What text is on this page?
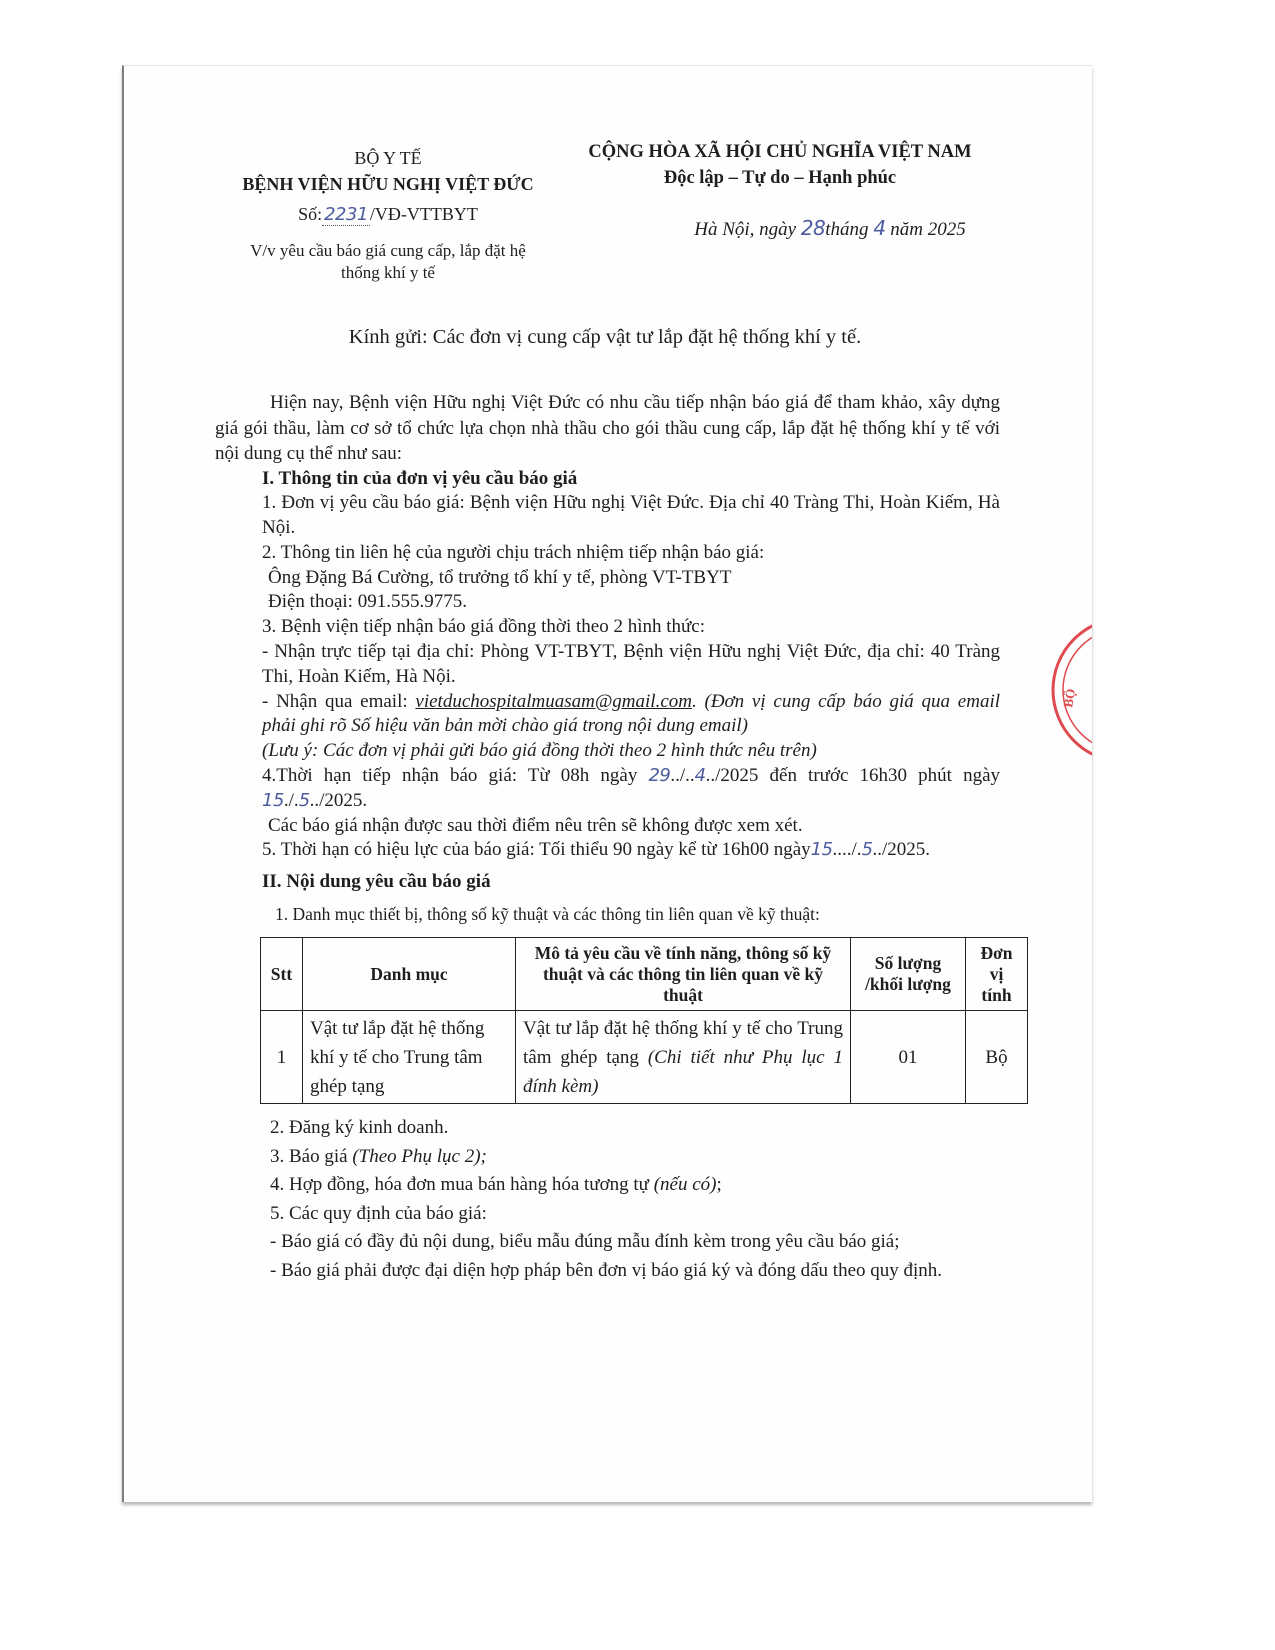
BỘ Y TẾ
BỆNH VIỆN HỮU NGHỊ VIỆT ĐỨC
Số: 2231 /VĐ-VTTBYT
V/v yêu cầu báo giá cung cấp, lắp đặt hệ
thống khí y tế
CỘNG HÒA XÃ HỘI CHỦ NGHĨA VIỆT NAM
Độc lập – Tự do – Hạnh phúc
Hà Nội, ngày 28tháng 4 năm 2025
Kính gửi: Các đơn vị cung cấp vật tư lắp đặt hệ thống khí y tế.
Hiện nay, Bệnh viện Hữu nghị Việt Đức có nhu cầu tiếp nhận báo giá để tham khảo, xây dựng giá gói thầu, làm cơ sở tổ chức lựa chọn nhà thầu cho gói thầu cung cấp, lắp đặt hệ thống khí y tế với nội dung cụ thể như sau:
I. Thông tin của đơn vị yêu cầu báo giá
1. Đơn vị yêu cầu báo giá: Bệnh viện Hữu nghị Việt Đức. Địa chỉ 40 Tràng Thi, Hoàn Kiếm, Hà Nội.
2. Thông tin liên hệ của người chịu trách nhiệm tiếp nhận báo giá:
Ông Đặng Bá Cường, tổ trưởng tổ khí y tế, phòng VT-TBYT
Điện thoại: 091.555.9775.
3. Bệnh viện tiếp nhận báo giá đồng thời theo 2 hình thức:
- Nhận trực tiếp tại địa chỉ: Phòng VT-TBYT, Bệnh viện Hữu nghị Việt Đức, địa chỉ: 40 Tràng Thi, Hoàn Kiếm, Hà Nội.
- Nhận qua email: vietduchospitalmuasam@gmail.com. (Đơn vị cung cấp báo giá qua email phải ghi rõ Số hiệu văn bản mời chào giá trong nội dung email)
(Lưu ý: Các đơn vị phải gửi báo giá đồng thời theo 2 hình thức nêu trên)
4.Thời hạn tiếp nhận báo giá: Từ 08h ngày 29../..4../2025 đến trước 16h30 phút ngày 15./.5../2025.
Các báo giá nhận được sau thời điểm nêu trên sẽ không được xem xét.
5. Thời hạn có hiệu lực của báo giá: Tối thiểu 90 ngày kể từ 16h00 ngày15..../.5../2025.
II. Nội dung yêu cầu báo giá
1. Danh mục thiết bị, thông số kỹ thuật và các thông tin liên quan về kỹ thuật:
Stt	Danh mục	Mô tả yêu cầu về tính năng, thông số kỹ thuật và các thông tin liên quan về kỹ thuật	Số lượng /khối lượng	Đơn vị tính
1	Vật tư lắp đặt hệ thống khí y tế cho Trung tâm ghép tạng	Vật tư lắp đặt hệ thống khí y tế cho Trung tâm ghép tạng (Chi tiết như Phụ lục 1 đính kèm)	01	Bộ
2. Đăng ký kinh doanh.
3. Báo giá (Theo Phụ lục 2);
4. Hợp đồng, hóa đơn mua bán hàng hóa tương tự (nếu có);
5. Các quy định của báo giá:
- Báo giá có đầy đủ nội dung, biểu mẫu đúng mẫu đính kèm trong yêu cầu báo giá;
- Báo giá phải được đại diện hợp pháp bên đơn vị báo giá ký và đóng dấu theo quy định.
BỘ
